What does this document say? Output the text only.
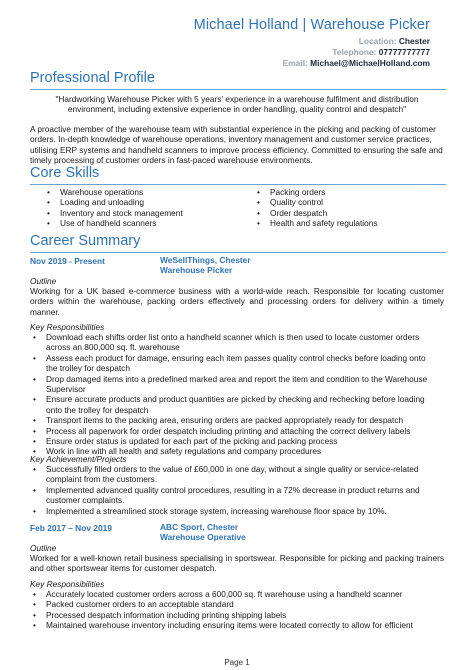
Michael Holland | Warehouse Picker
Location: Chester
Telephone: 07777777777
Email: Michael@MichaelHolland.com
Professional Profile
"Hardworking Warehouse Picker with 5 years' experience in a warehouse fulfilment and distribution environment, including extensive experience in order handling, quality control and despatch"
A proactive member of the warehouse team with substantial experience in the picking and packing of customer orders. In-depth knowledge of warehouse operations, inventory management and customer service practices, utilising ERP systems and handheld scanners to improve process efficiency. Committed to ensuring the safe and timely processing of customer orders in fast-paced warehouse environments.
Core Skills
• Warehouse operations
• Loading and unloading
• Inventory and stock management
• Use of handheld scanners
• Packing orders
• Quality control
• Order despatch
• Health and safety regulations
Career Summary
Nov 2019 - Present	WeSellThings, Chester
Warehouse Picker
Outline
Working for a UK based e-commerce business with a world-wide reach. Responsible for locating customer orders within the warehouse, packing orders effectively and processing orders for delivery within a timely manner.
Key Responsibilities
• Download each shifts order list onto a handheld scanner which is then used to locate customer orders across an 800,000 sq. ft. warehouse
• Assess each product for damage, ensuring each item passes quality control checks before loading onto the trolley for despatch
• Drop damaged items into a predefined marked area and report the item and condition to the Warehouse Supervisor
• Ensure accurate products and product quantities are picked by checking and rechecking before loading onto the trolley for despatch
• Transport items to the packing area, ensuring orders are packed appropriately ready for despatch
• Process all paperwork for order despatch including printing and attaching the correct delivery labels
• Ensure order status is updated for each part of the picking and packing process
• Work in line with all health and safety regulations and company procedures
Key Achievement/Projects
• Successfully filled orders to the value of £60,000 in one day, without a single quality or service-related complaint from the customers.
• Implemented advanced quality control procedures, resulting in a 72% decrease in product returns and customer complaints.
• Implemented a streamlined stock storage system, increasing warehouse floor space by 10%.
Feb 2017 – Nov 2019	ABC Sport, Chester
Warehouse Operative
Outline
Worked for a well-known retail business specialising in sportswear. Responsible for picking and packing trainers and other sportswear items for customer despatch.
Key Responsibilities
• Accurately located customer orders across a 600,000 sq. ft warehouse using a handheld scanner
• Packed customer orders to an acceptable standard
• Processed despatch information including printing shipping labels
• Maintained warehouse inventory including ensuring items were located correctly to allow for efficient
Page 1
